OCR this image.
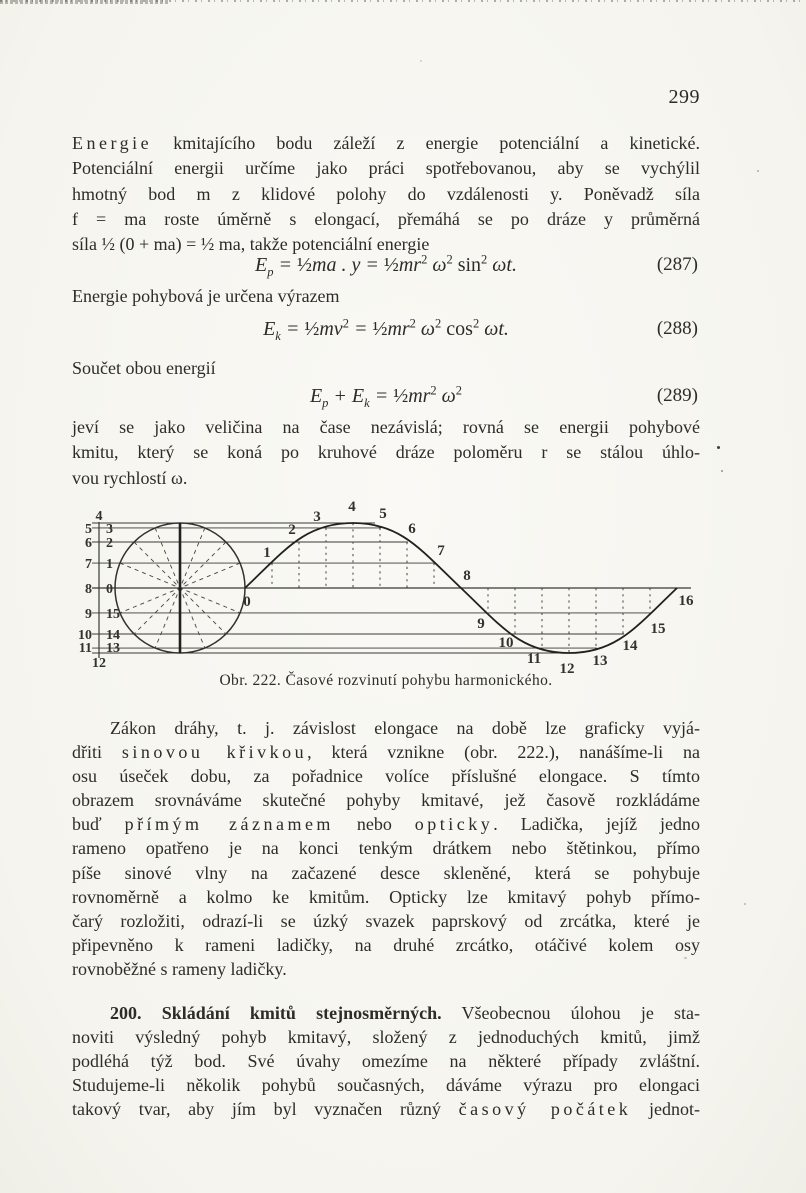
299
Energie kmitajícího bodu záleží z energie potenciální a kinetické.
Potenciální energii určíme jako práci spotřebovanou, aby se vychýlil
hmotný bod m z klidové polohy do vzdálenosti y. Poněvadž síla
f = ma roste úměrně s elongací, přemáhá se po dráze y průměrná
síla ½ (0 + ma) = ½ ma, takže potenciální energie
$E_p$ = ½ma . $y = \frac{1}{2}mr^2$ $\omega^2$ $\sin^2 \omega t$.	(287)
Energie pohybová je určena výrazem
$E_k$ = $\frac{1}{2}mv^2$ = $\frac{1}{2}mr^2$ $\omega^2$ $\cos^2 \omega t$.	(288)
Součet obou energií
$E_p + E_k$ = $\frac{1}{2}mr^2$ $\omega^2$	(289)
jeví se jako veličina na čase nezávislá; rovná se energii pohybové
kmitu, který se koná po kruhové dráze poloměru r se stálou úhlo-
vou rychlostí ω.
4
5 3
6 2
7 1
8 0
9 15
10 14
11 13
12
0
1
2
3
4 5
6
7
8
9
10
11
12 13
14
15
16
Obr. 222. Časové rozvinutí pohybu harmonického.
Zákon dráhy, t. j. závislost elongace na době lze graficky vyjá-
dřiti sinovou křivkou, která vznikne (obr. 222.), nanášíme-li na
osu úseček dobu, za pořadnice volíce příslušné elongace. S tímto
obrazem srovnáváme skutečné pohyby kmitavé, jež časově rozkládáme
buď přímým záznamem nebo opticky. Ladička, jejíž jedno
rameno opatřeno je na konci tenkým drátkem nebo štětinkou, přímo
píše sinové vlny na začazené desce skleněné, která se pohybuje
rovnoměrně a kolmo ke kmitům. Opticky lze kmitavý pohyb přímo-
čarý rozložiti, odrazí-li se úzký svazek paprskový od zrcátka, které je
připevněno k rameni ladičky, na druhé zrcátko, otáčivé kolem osy
rovnoběžné s rameny ladičky.
200. Skládání kmitů stejnosměrných. Všeobecnou úlohou je sta-
noviti výsledný pohyb kmitavý, složený z jednoduchých kmitů, jimž
podléhá týž bod. Své úvahy omezíme na některé případy zvláštní.
Studujeme-li několik pohybů současných, dáváme výrazu pro elongaci
takový tvar, aby jím byl vyznačen různý časový počátek jednot-
